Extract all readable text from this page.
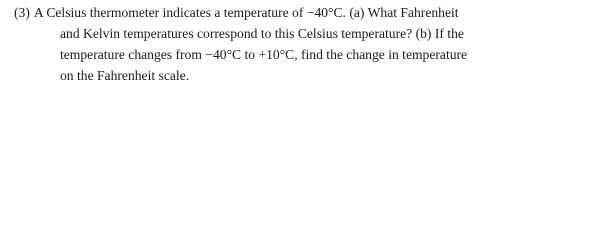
(3) A Celsius thermometer indicates a temperature of −40°C. (a) What Fahrenheit
and Kelvin temperatures correspond to this Celsius temperature? (b) If the
temperature changes from −40°C to +10°C, find the change in temperature
on the Fahrenheit scale.
